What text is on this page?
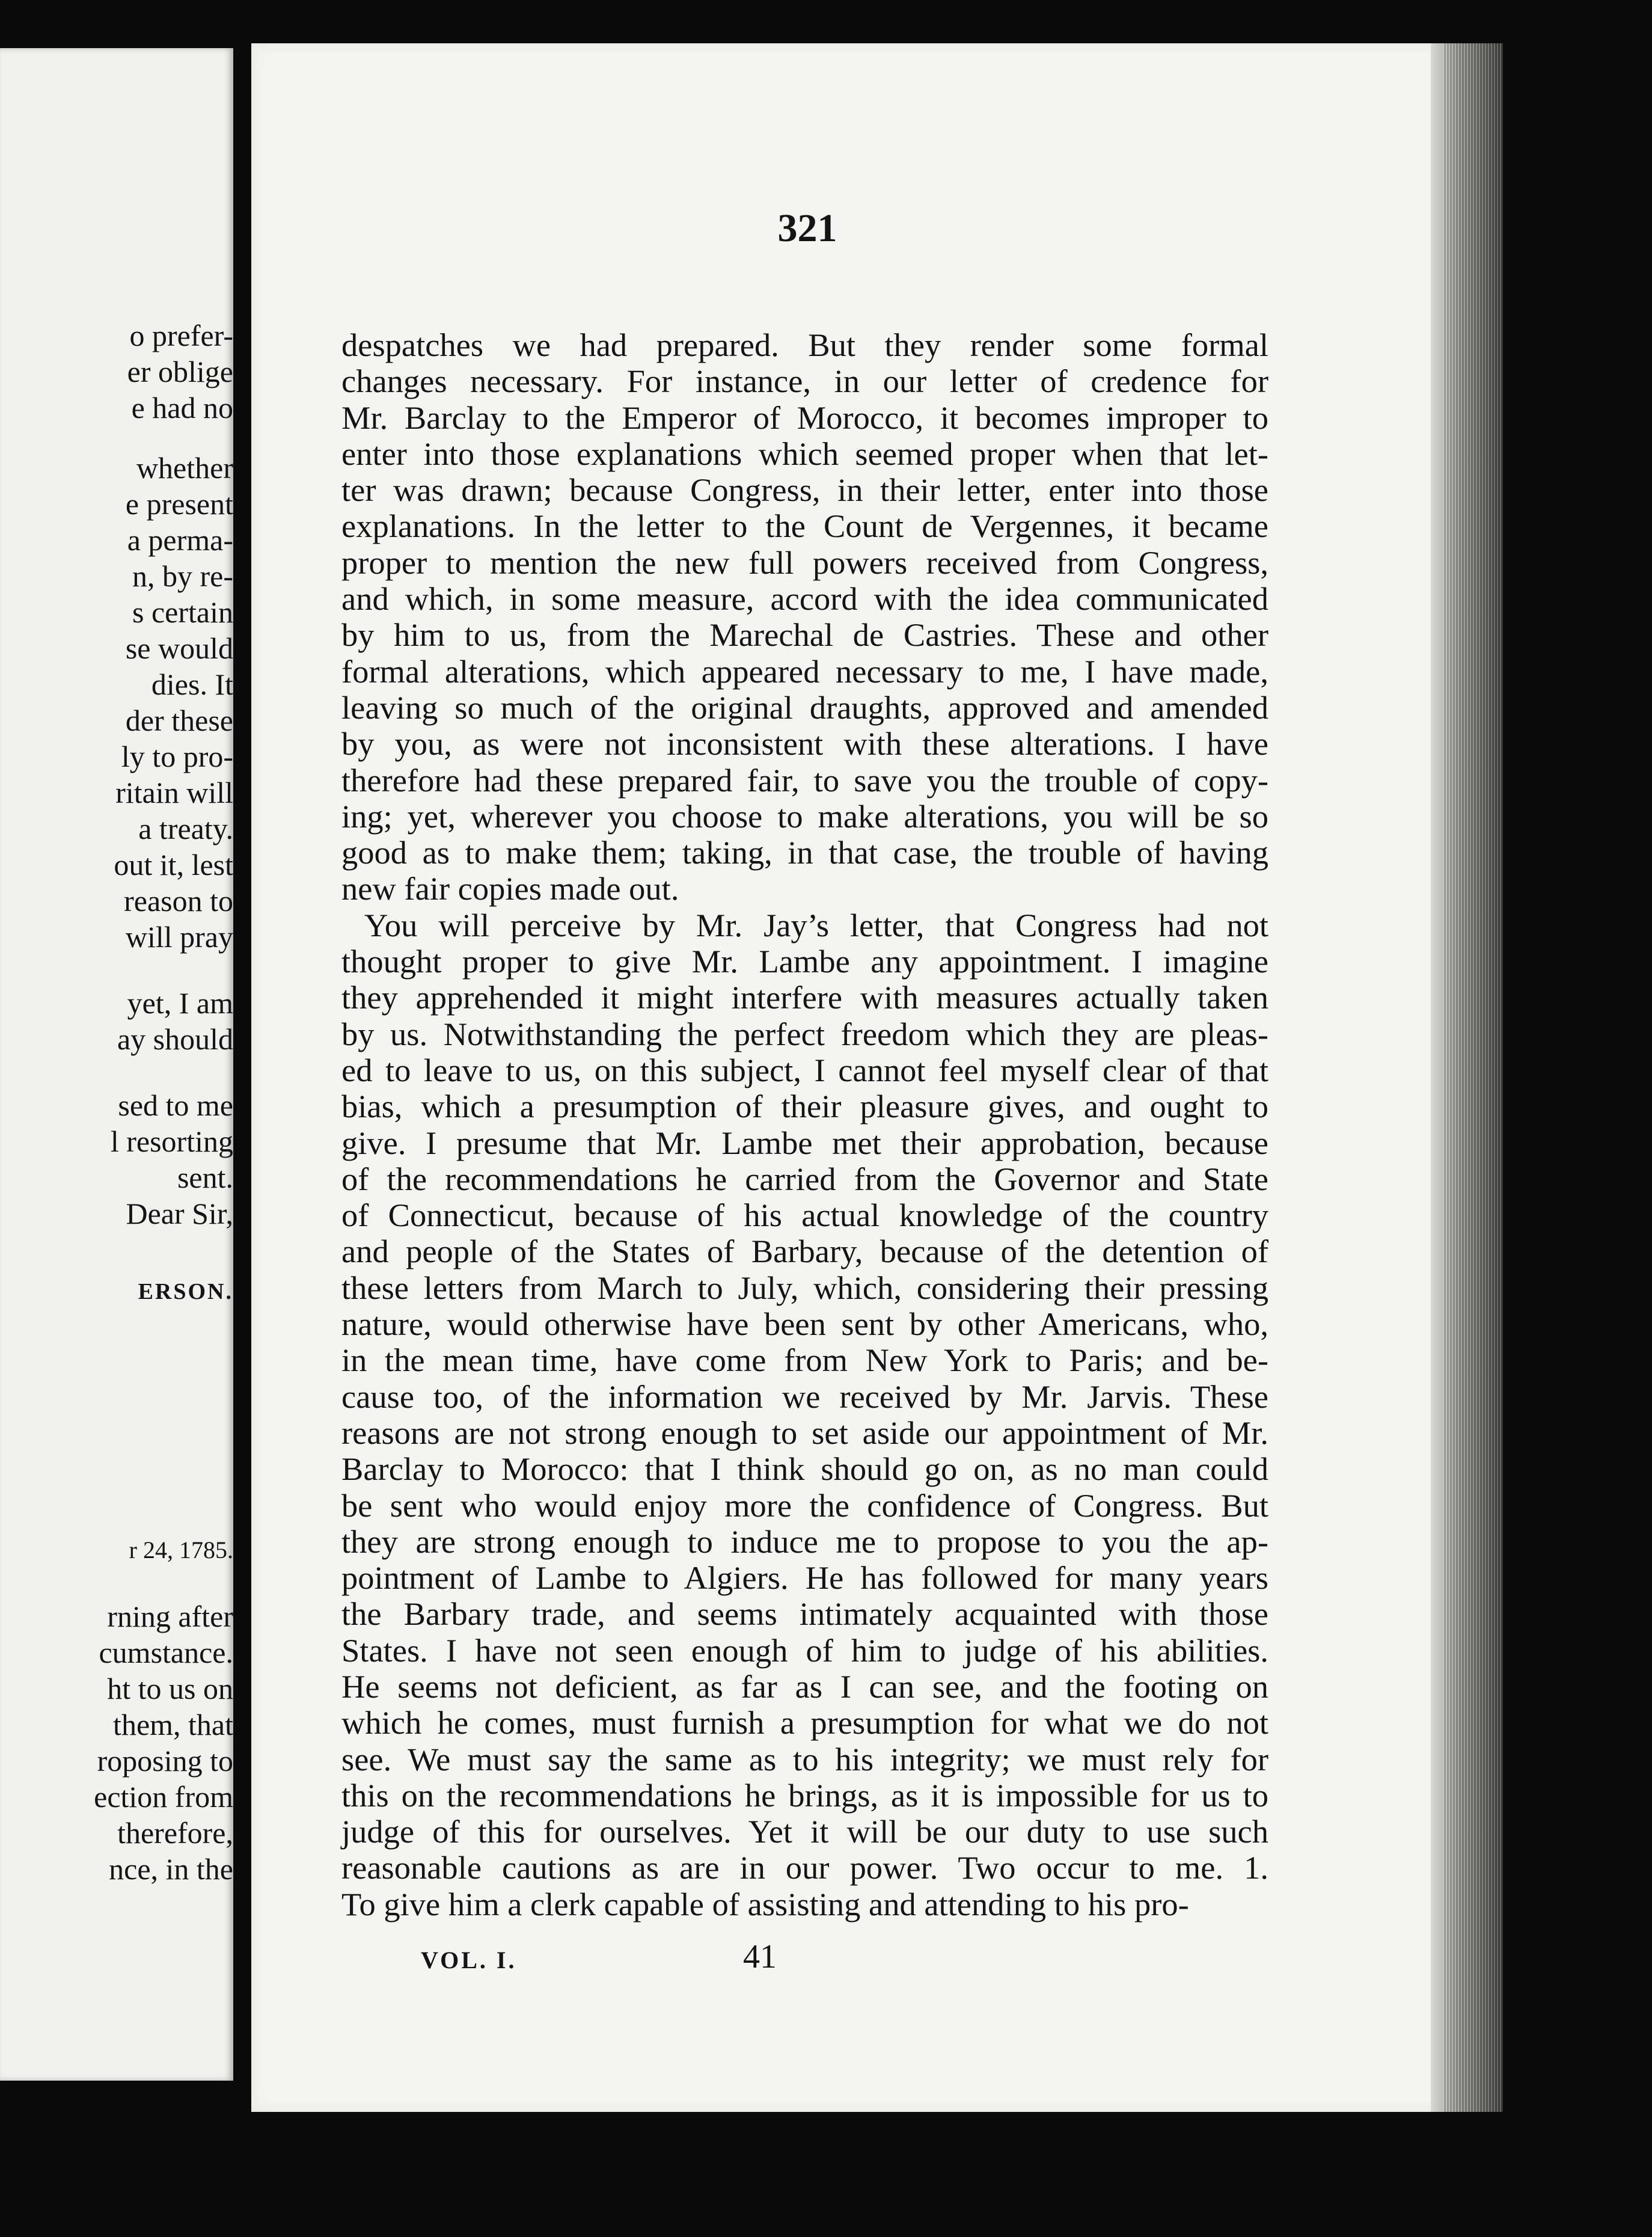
o prefer-
er oblige
e had no
whether
e present
a perma-
n, by re-
s certain
se would
dies. It
der these
ly to pro-
ritain will
a treaty.
out it, lest
reason to
will pray
yet, I am
ay should
sed to me
l resorting
sent.
Dear Sir,
ERSON.
r 24, 1785.
rning after
cumstance.
ht to us on
them, that
roposing to
ection from
therefore,
nce, in the
321
despatches we had prepared. But they render some formal
changes necessary. For instance, in our letter of credence for
Mr. Barclay to the Emperor of Morocco, it becomes improper to
enter into those explanations which seemed proper when that let-
ter was drawn; because Congress, in their letter, enter into those
explanations. In the letter to the Count de Vergennes, it became
proper to mention the new full powers received from Congress,
and which, in some measure, accord with the idea communicated
by him to us, from the Marechal de Castries. These and other
formal alterations, which appeared necessary to me, I have made,
leaving so much of the original draughts, approved and amended
by you, as were not inconsistent with these alterations. I have
therefore had these prepared fair, to save you the trouble of copy-
ing; yet, wherever you choose to make alterations, you will be so
good as to make them; taking, in that case, the trouble of having
new fair copies made out.
You will perceive by Mr. Jay’s letter, that Congress had not
thought proper to give Mr. Lambe any appointment. I imagine
they apprehended it might interfere with measures actually taken
by us. Notwithstanding the perfect freedom which they are pleas-
ed to leave to us, on this subject, I cannot feel myself clear of that
bias, which a presumption of their pleasure gives, and ought to
give. I presume that Mr. Lambe met their approbation, because
of the recommendations he carried from the Governor and State
of Connecticut, because of his actual knowledge of the country
and people of the States of Barbary, because of the detention of
these letters from March to July, which, considering their pressing
nature, would otherwise have been sent by other Americans, who,
in the mean time, have come from New York to Paris; and be-
cause too, of the information we received by Mr. Jarvis. These
reasons are not strong enough to set aside our appointment of Mr.
Barclay to Morocco: that I think should go on, as no man could
be sent who would enjoy more the confidence of Congress. But
they are strong enough to induce me to propose to you the ap-
pointment of Lambe to Algiers. He has followed for many years
the Barbary trade, and seems intimately acquainted with those
States. I have not seen enough of him to judge of his abilities.
He seems not deficient, as far as I can see, and the footing on
which he comes, must furnish a presumption for what we do not
see. We must say the same as to his integrity; we must rely for
this on the recommendations he brings, as it is impossible for us to
judge of this for ourselves. Yet it will be our duty to use such
reasonable cautions as are in our power. Two occur to me. 1.
To give him a clerk capable of assisting and attending to his pro-
VOL. I.	41
